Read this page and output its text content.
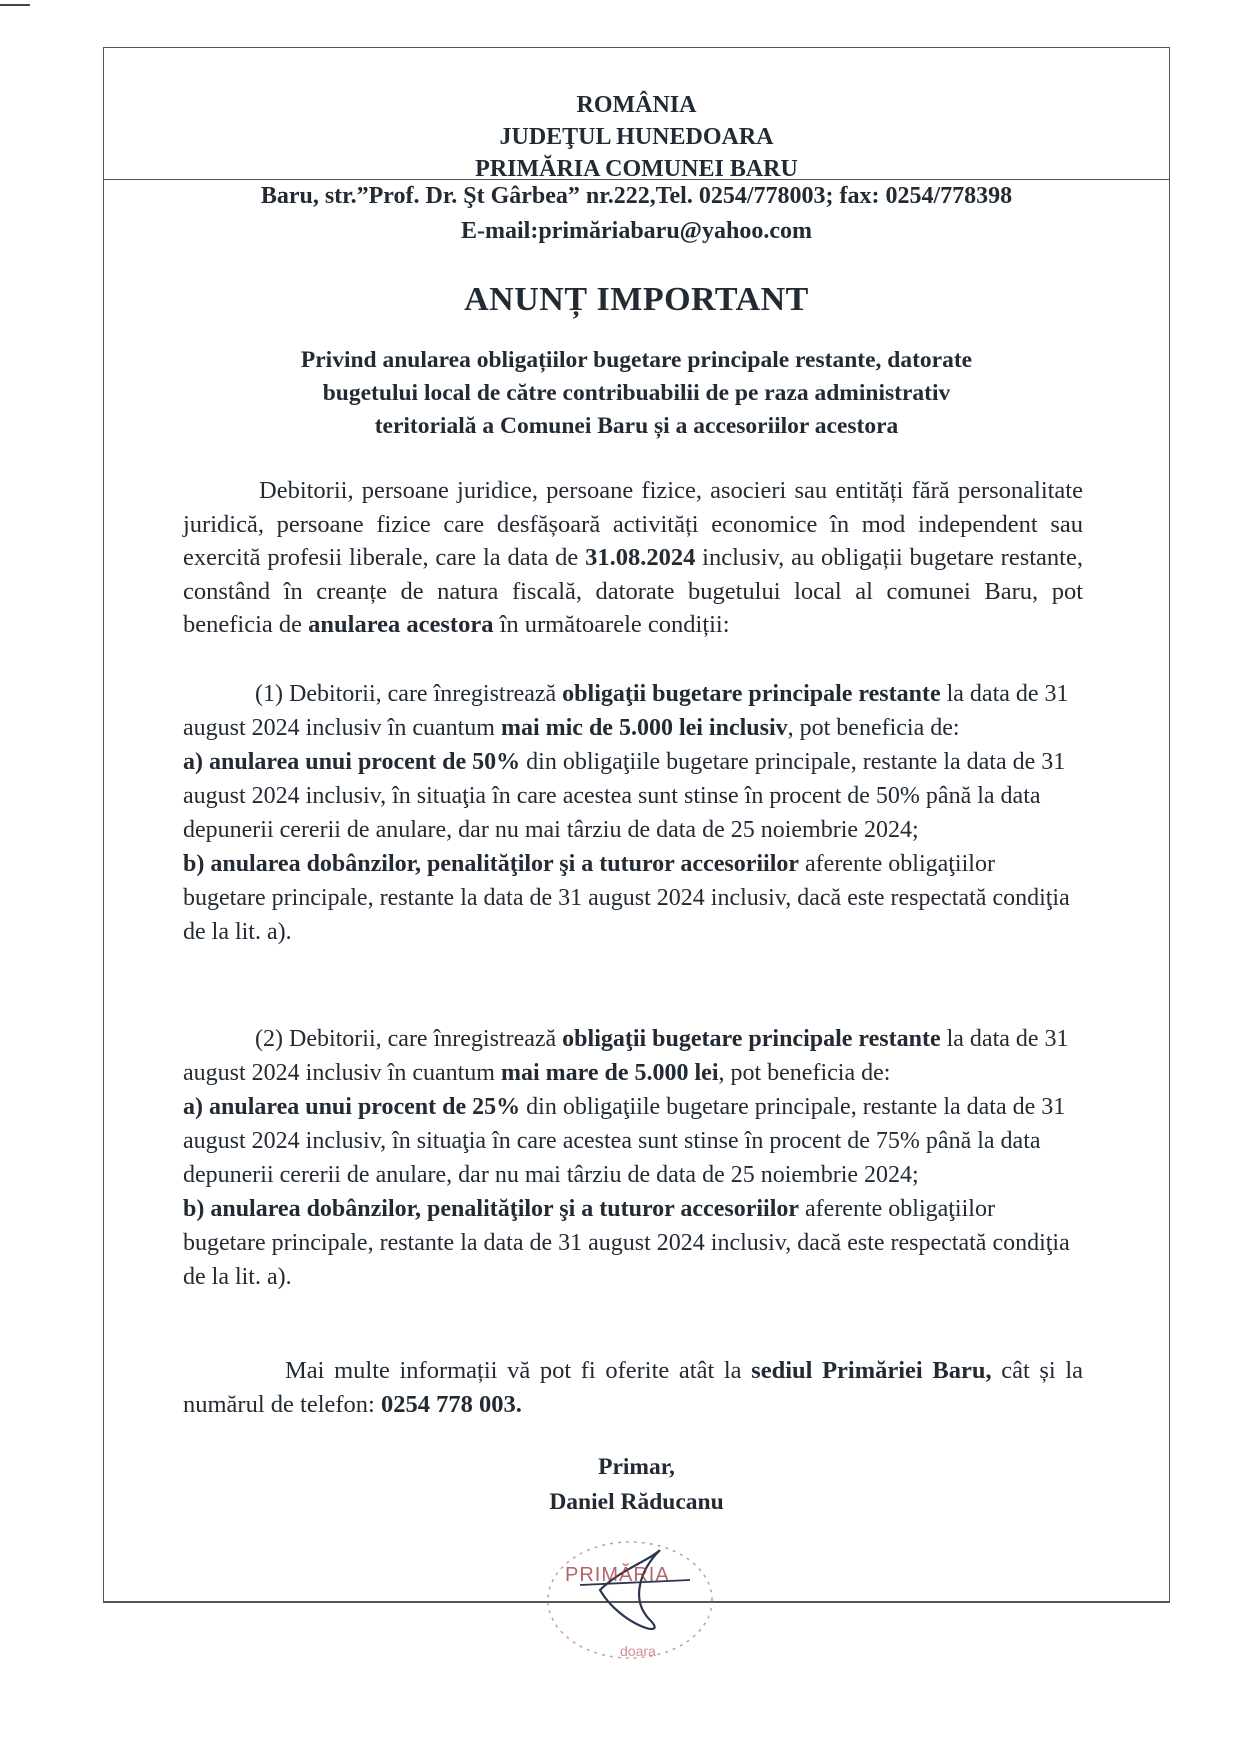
ROMÂNIA
JUDEŢUL HUNEDOARA
PRIMĂRIA COMUNEI BARU
Baru, str.”Prof. Dr. Şt Gârbea” nr.222,Tel. 0254/778003; fax: 0254/778398
E-mail:primăriabaru@yahoo.com
ANUNȚ IMPORTANT
Privind anularea obligațiilor bugetare principale restante, datorate
bugetului local de către contribuabilii de pe raza administrativ
teritorială a Comunei Baru și a accesoriilor acestora
Debitorii, persoane juridice, persoane fizice, asocieri sau entități fără personalitate juridică, persoane fizice care desfășoară activități economice în mod independent sau exercită profesii liberale, care la data de 31.08.2024 inclusiv, au obligații bugetare restante, constând în creanțe de natura fiscală, datorate bugetului local al comunei Baru, pot beneficia de anularea acestora în următoarele condiții:
(1) Debitorii, care înregistrează obligaţii bugetare principale restante la data de 31 august 2024 inclusiv în cuantum mai mic de 5.000 lei inclusiv, pot beneficia de:
a) anularea unui procent de 50% din obligaţiile bugetare principale, restante la data de 31 august 2024 inclusiv, în situaţia în care acestea sunt stinse în procent de 50% până la data depunerii cererii de anulare, dar nu mai târziu de data de 25 noiembrie 2024;
b) anularea dobânzilor, penalităţilor şi a tuturor accesoriilor aferente obligaţiilor bugetare principale, restante la data de 31 august 2024 inclusiv, dacă este respectată condiţia de la lit. a).
(2) Debitorii, care înregistrează obligaţii bugetare principale restante la data de 31 august 2024 inclusiv în cuantum mai mare de 5.000 lei, pot beneficia de:
a) anularea unui procent de 25% din obligaţiile bugetare principale, restante la data de 31 august 2024 inclusiv, în situaţia în care acestea sunt stinse în procent de 75% până la data depunerii cererii de anulare, dar nu mai târziu de data de 25 noiembrie 2024;
b) anularea dobânzilor, penalităţilor şi a tuturor accesoriilor aferente obligaţiilor bugetare principale, restante la data de 31 august 2024 inclusiv, dacă este respectată condiţia de la lit. a).
Mai multe informații vă pot fi oferite atât la sediul Primăriei Baru, cât și la numărul de telefon: 0254 778 003.
Primar,
Daniel Răducanu
doara
PRIMĂRIA
